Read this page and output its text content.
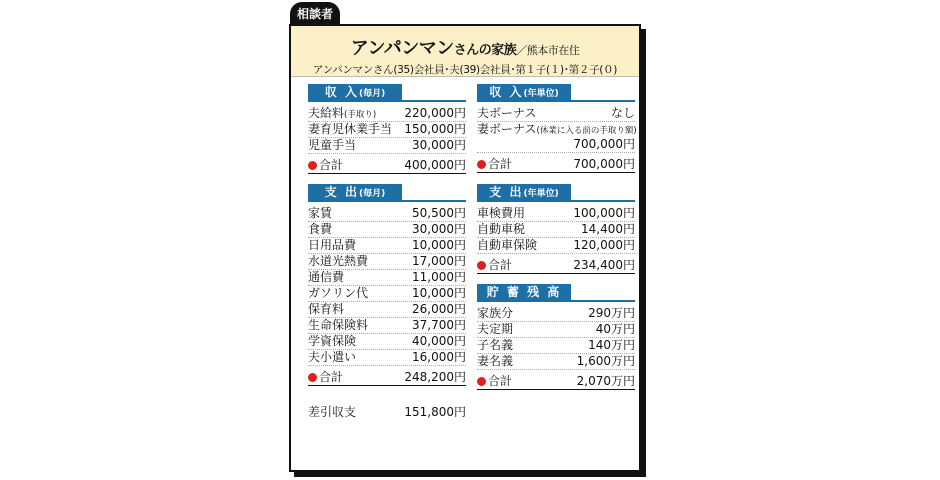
相談者
アンパンマンさんの家族／熊本市在住
アンパンマンさん(35)会社員･夫(39)会社員･第１子(１)･第２子(０)
収 入(毎月)
夫給料(手取り) 220,000円
妻育児休業手当 150,000円
児童手当	30,000円
合計	400,000円
支 出(毎月)
家賃	50,500円
食費	30,000円
日用品費	10,000円
水道光熱費	17,000円
通信費	11,000円
ガソリン代	10,000円
保育料	26,000円
生命保険料	37,700円
学資保険	40,000円
夫小遣い	16,000円
合計	248,200円
差引収支	151,800円
収 入(年単位)
夫ボーナス	なし
妻ボーナス(休業に入る前の手取り額)
700,000円
合計	700,000円
支 出(年単位)
車検費用	100,000円
自動車税	14,400円
自動車保険	120,000円
合計	234,400円
貯 蓄 残 高
家族分	290万円
夫定期	40万円
子名義	140万円
妻名義	1,600万円
合計	2,070万円
